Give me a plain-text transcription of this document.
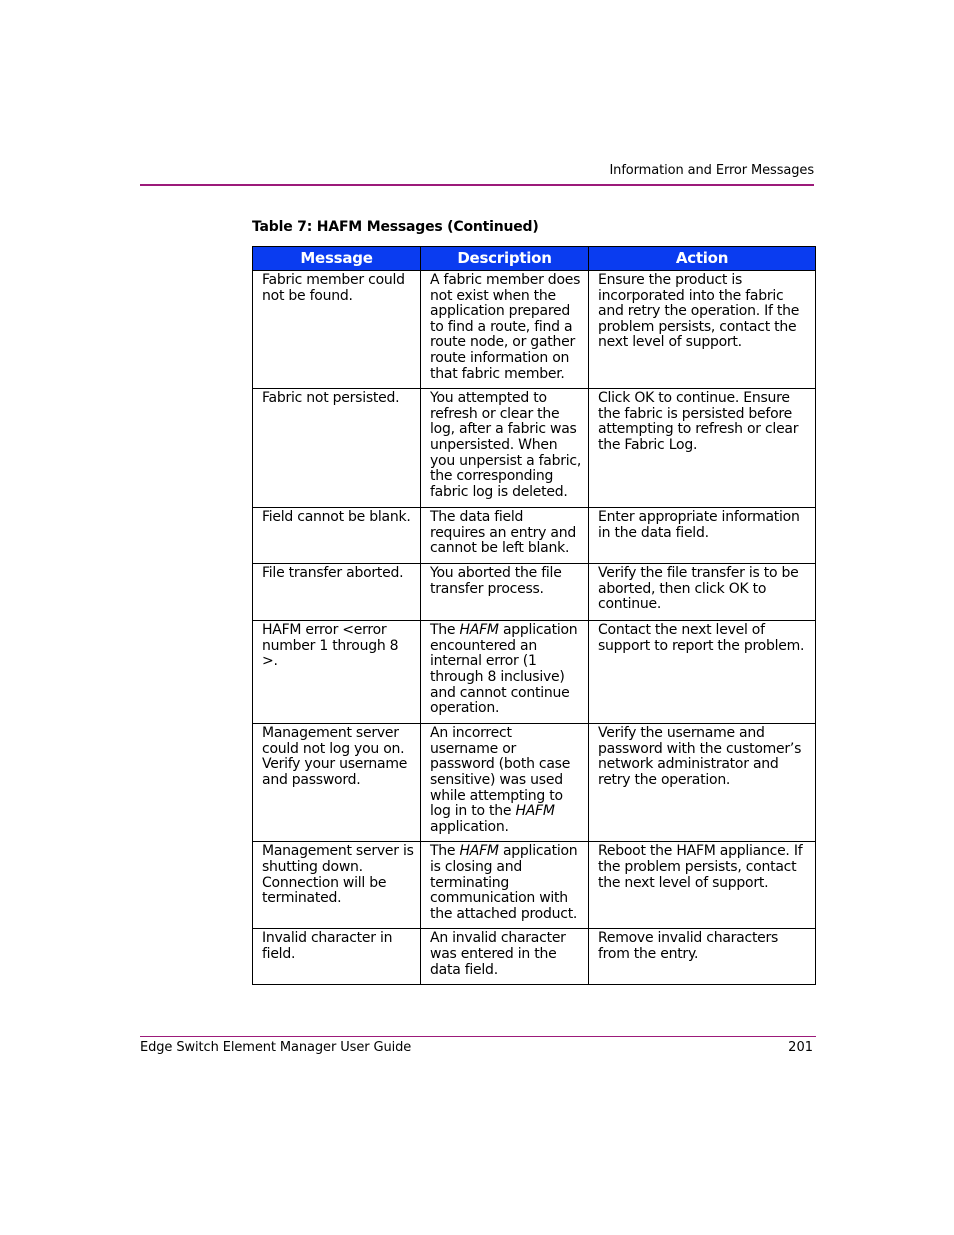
Information and Error Messages
Table 7: HAFM Messages (Continued)
Message	Description	Action
Fabric member could not be found.	A fabric member does not exist when the application prepared to find a route, find a route node, or gather route information on that fabric member.	Ensure the product is incorporated into the fabric and retry the operation. If the problem persists, contact the next level of support.
Fabric not persisted.	You attempted to refresh or clear the log, after a fabric was unpersisted. When you unpersist a fabric, the corresponding fabric log is deleted.	Click OK to continue. Ensure the fabric is persisted before attempting to refresh or clear the Fabric Log.
Field cannot be blank.	The data field requires an entry and cannot be left blank.	Enter appropriate information in the data field.
File transfer aborted.	You aborted the file transfer process.	Verify the file transfer is to be aborted, then click OK to continue.
HAFM error <error number 1 through 8 >.	The HAFM application encountered an internal error (1 through 8 inclusive) and cannot continue operation.	Contact the next level of support to report the problem.
Management server could not log you on. Verify your username and password.	An incorrect username or password (both case sensitive) was used while attempting to log in to the HAFM application.	Verify the username and password with the customer’s network administrator and retry the operation.
Management server is shutting down. Connection will be terminated.	The HAFM application is closing and terminating communication with the attached product.	Reboot the HAFM appliance. If the problem persists, contact the next level of support.
Invalid character in field.	An invalid character was entered in the data field.	Remove invalid characters from the entry.
Edge Switch Element Manager User Guide	201
